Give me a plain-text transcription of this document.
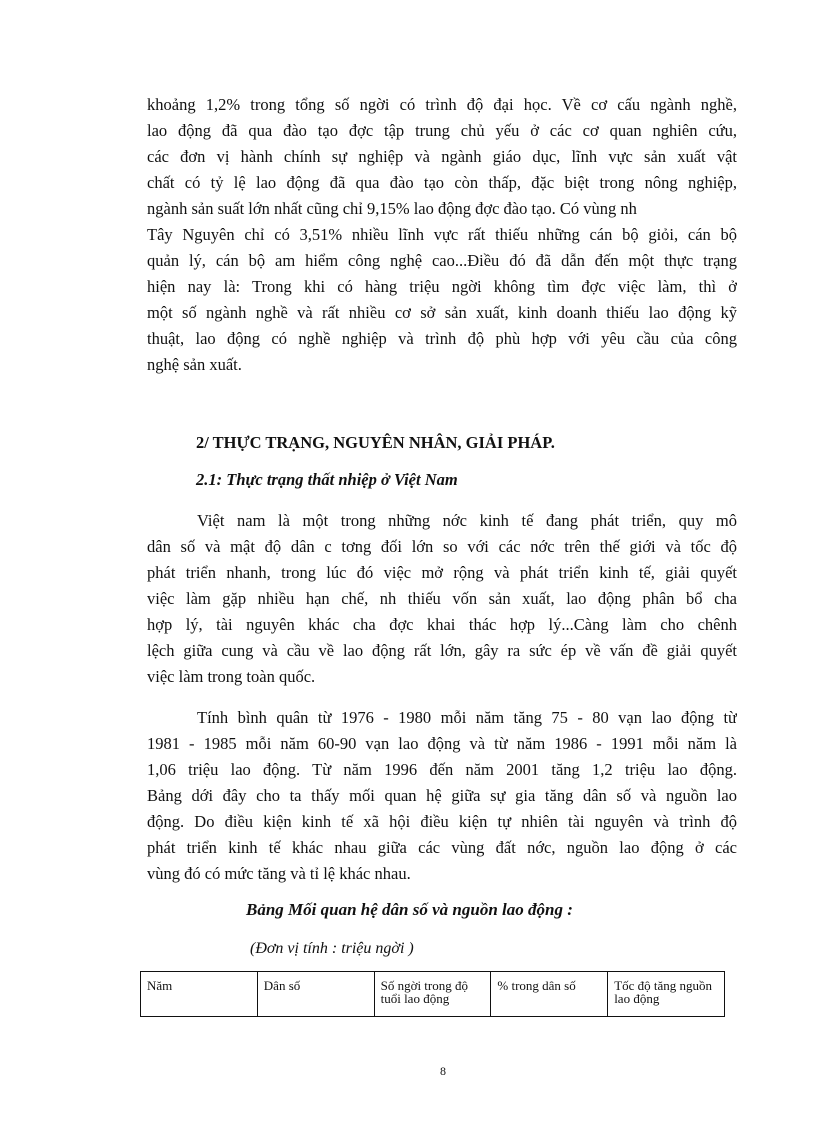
khoảng 1,2% trong tổng số ngời có trình độ đại học. Về cơ cấu ngành nghề,
lao động đã qua đào tạo đợc tập trung chủ yếu ở các cơ quan nghiên cứu,
các đơn vị hành chính sự nghiệp và ngành giáo dục, lĩnh vực sản xuất vật
chất có tỷ lệ lao động đã qua đào tạo còn thấp, đặc biệt trong nông nghiệp,
ngành sản suất lớn nhất cũng chỉ 9,15% lao động đợc đào tạo. Có vùng nh
Tây Nguyên chỉ có 3,51% nhiều lĩnh vực rất thiếu những cán bộ giỏi, cán bộ
quản lý, cán bộ am hiểm công nghệ cao...Điều đó đã dẫn đến một thực trạng
hiện nay là: Trong khi có hàng triệu ngời không tìm đợc việc làm, thì ở
một số ngành nghề và rất nhiều cơ sở sản xuất, kinh doanh thiếu lao động kỹ
thuật, lao động có nghề nghiệp và trình độ phù hợp với yêu cầu của công
nghệ sản xuất.
2/ THỰC TRẠNG, NGUYÊN NHÂN, GIẢI PHÁP.
2.1: Thực trạng thất nhiệp ở Việt Nam
Việt nam là một trong những nớc kinh tế đang phát triển, quy mô
dân số và mật độ dân c tơng đối lớn so với các nớc trên thế giới và tốc độ
phát triển nhanh, trong lúc đó việc mở rộng và phát triển kinh tế, giải quyết
việc làm gặp nhiều hạn chế, nh thiếu vốn sản xuất, lao động phân bổ cha
hợp lý, tài nguyên khác cha đợc khai thác hợp lý...Càng làm cho chênh
lệch giữa cung và cầu về lao động rất lớn, gây ra sức ép về vấn đề giải quyết
việc làm trong toàn quốc.
Tính bình quân từ 1976 - 1980 mỗi năm tăng 75 - 80 vạn lao động từ
1981 - 1985 mỗi năm 60-90 vạn lao động và từ năm 1986 - 1991 mỗi năm là
1,06 triệu lao động. Từ năm 1996 đến năm 2001 tăng 1,2 triệu lao động.
Bảng dới đây cho ta thấy mối quan hệ giữa sự gia tăng dân số và nguồn lao
động. Do điều kiện kinh tế xã hội điều kiện tự nhiên tài nguyên và trình độ
phát triển kinh tế khác nhau giữa các vùng đất nớc, nguồn lao động ở các
vùng đó có mức tăng và tỉ lệ khác nhau.
Bảng Mối quan hệ dân số và nguồn lao động :
(Đơn vị tính : triệu ngời )
Năm	Dân số	Số ngời trong độ tuổi lao động	% trong dân số	Tốc độ tăng nguồn lao động
8
